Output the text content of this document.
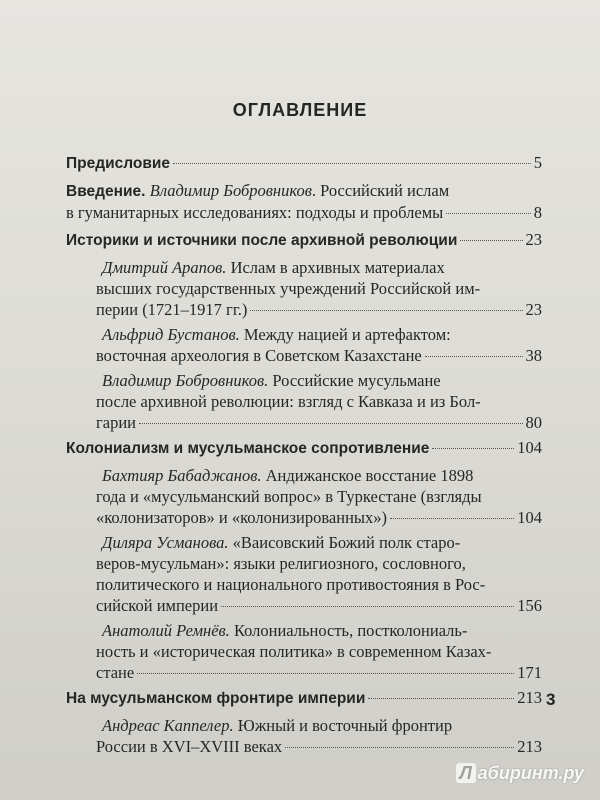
ОГЛАВЛЕНИЕ
Предисловие	5
Введение. Владимир Бобровников. Российский ислам
в гуманитарных исследованиях: подходы и проблемы	8
Историки и источники после архивной революции	23
Дмитрий Арапов. Ислам в архивных материалах
высших государственных учреждений Российской им-
перии (1721–1917 гг.)	23
Альфрид Бустанов. Между нацией и артефактом:
восточная археология в Советском Казахстане	38
Владимир Бобровников. Российские мусульмане
после архивной революции: взгляд с Кавказа и из Бол-
гарии	80
Колониализм и мусульманское сопротивление	104
Бахтияр Бабаджанов. Андижанское восстание 1898
года и «мусульманский вопрос» в Туркестане (взгляды
«колонизаторов» и «колонизированных»)	104
Диляра Усманова. «Ваисовский Божий полк старо-
веров-мусульман»: языки религиозного, сословного,
политического и национального противостояния в Рос-
сийской империи	156
Анатолий Ремнёв. Колониальность, постколониаль-
ность и «историческая политика» в современном Казах-
стане	171
На мусульманском фронтире империи	213
Андреас Каппелер. Южный и восточный фронтир
России в XVI–XVIII веках	213
3
Л абиринт.ру
